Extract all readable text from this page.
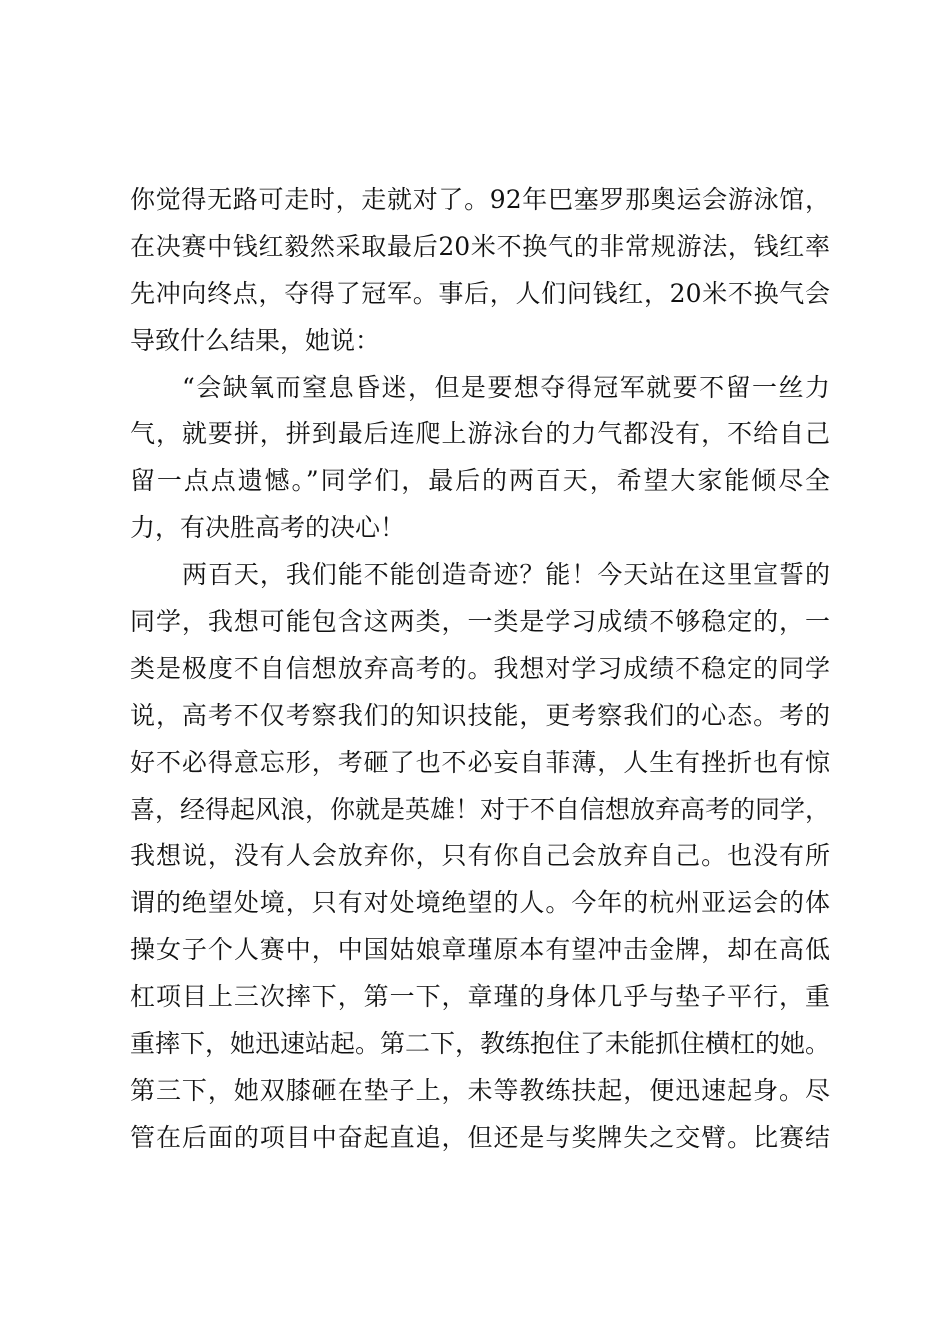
你觉得无路可走时，走就对了。92年巴塞罗那奥运会游泳馆，
在决赛中钱红毅然采取最后20米不换气的非常规游法，钱红率
先冲向终点，夺得了冠军。事后，人们问钱红，20米不换气会
导致什么结果，她说：
“会缺氧而窒息昏迷，但是要想夺得冠军就要不留一丝力
气，就要拼，拼到最后连爬上游泳台的力气都没有，不给自己
留一点点遗憾。”同学们，最后的两百天，希望大家能倾尽全
力，有决胜高考的决心！
两百天，我们能不能创造奇迹？能！今天站在这里宣誓的
同学，我想可能包含这两类，一类是学习成绩不够稳定的，一
类是极度不自信想放弃高考的。我想对学习成绩不稳定的同学
说，高考不仅考察我们的知识技能，更考察我们的心态。考的
好不必得意忘形，考砸了也不必妄自菲薄，人生有挫折也有惊
喜，经得起风浪，你就是英雄！对于不自信想放弃高考的同学，
我想说，没有人会放弃你，只有你自己会放弃自己。也没有所
谓的绝望处境，只有对处境绝望的人。今年的杭州亚运会的体
操女子个人赛中，中国姑娘章瑾原本有望冲击金牌，却在高低
杠项目上三次摔下，第一下，章瑾的身体几乎与垫子平行，重
重摔下，她迅速站起。第二下，教练抱住了未能抓住横杠的她。
第三下，她双膝砸在垫子上，未等教练扶起，便迅速起身。尽
管在后面的项目中奋起直追，但还是与奖牌失之交臂。比赛结
